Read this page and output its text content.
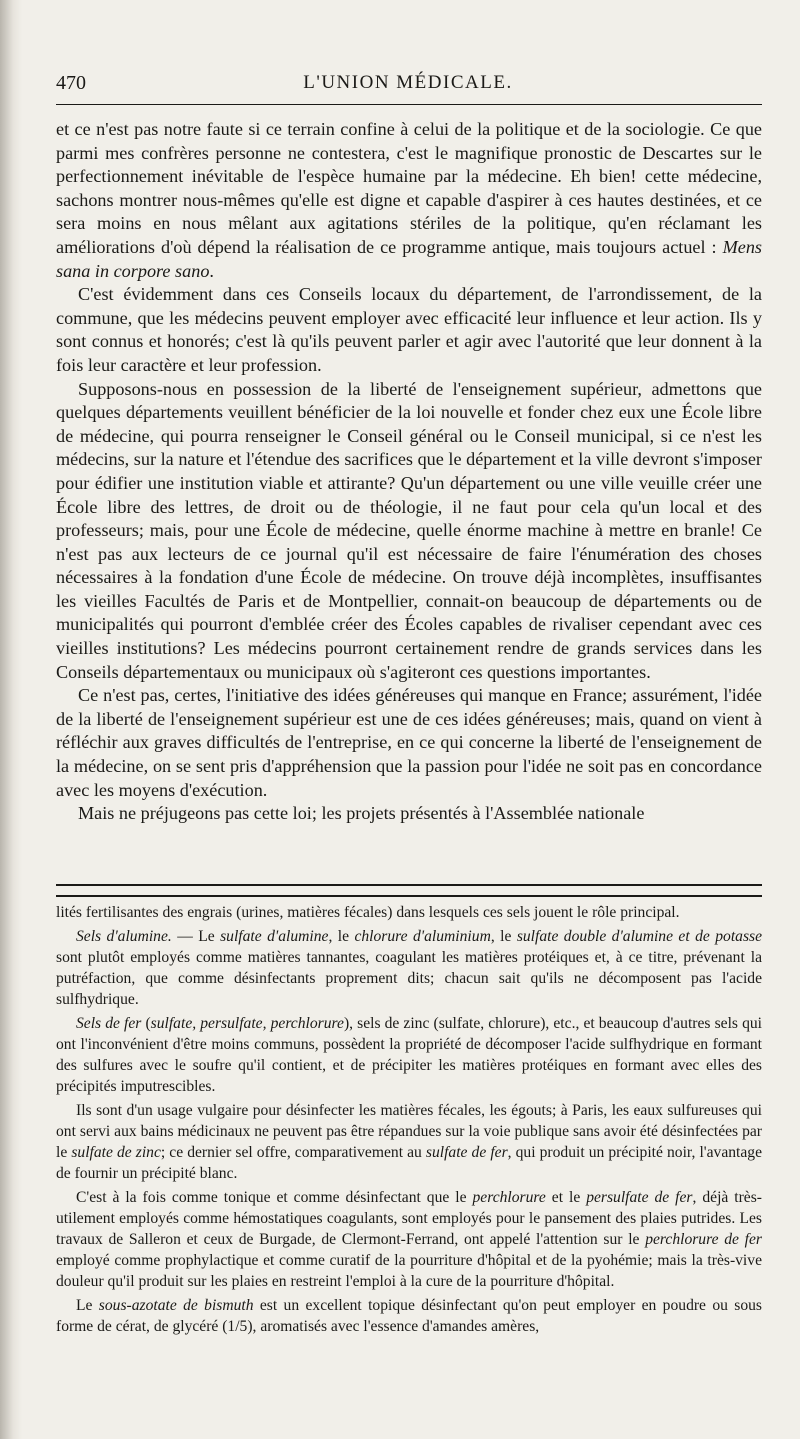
470	L'UNION MÉDICALE.

et ce n'est pas notre faute si ce terrain confine à celui de la politique et de la sociologie. Ce que parmi mes confrères personne ne contestera, c'est le magnifique pronostic de Descartes sur le perfectionnement inévitable de l'espèce humaine par la médecine. Eh bien! cette médecine, sachons montrer nous-mêmes qu'elle est digne et capable d'aspirer à ces hautes destinées, et ce sera moins en nous mêlant aux agitations stériles de la politique, qu'en réclamant les améliorations d'où dépend la réalisation de ce programme antique, mais toujours actuel : Mens sana in corpore sano.

C'est évidemment dans ces Conseils locaux du département, de l'arrondissement, de la commune, que les médecins peuvent employer avec efficacité leur influence et leur action. Ils y sont connus et honorés; c'est là qu'ils peuvent parler et agir avec l'autorité que leur donnent à la fois leur caractère et leur profession.

Supposons-nous en possession de la liberté de l'enseignement supérieur, admettons que quelques départements veuillent bénéficier de la loi nouvelle et fonder chez eux une École libre de médecine, qui pourra renseigner le Conseil général ou le Conseil municipal, si ce n'est les médecins, sur la nature et l'étendue des sacrifices que le département et la ville devront s'imposer pour édifier une institution viable et attirante? Qu'un département ou une ville veuille créer une École libre des lettres, de droit ou de théologie, il ne faut pour cela qu'un local et des professeurs; mais, pour une École de médecine, quelle énorme machine à mettre en branle! Ce n'est pas aux lecteurs de ce journal qu'il est nécessaire de faire l'énumération des choses nécessaires à la fondation d'une École de médecine. On trouve déjà incomplètes, insuffisantes les vieilles Facultés de Paris et de Montpellier, connait-on beaucoup de départements ou de municipalités qui pourront d'emblée créer des Écoles capables de rivaliser cependant avec ces vieilles institutions? Les médecins pourront certainement rendre de grands services dans les Conseils départementaux ou municipaux où s'agiteront ces questions importantes.

Ce n'est pas, certes, l'initiative des idées généreuses qui manque en France; assurément, l'idée de la liberté de l'enseignement supérieur est une de ces idées généreuses; mais, quand on vient à réfléchir aux graves difficultés de l'entreprise, en ce qui concerne la liberté de l'enseignement de la médecine, on se sent pris d'appréhension que la passion pour l'idée ne soit pas en concordance avec les moyens d'exécution.

Mais ne préjugeons pas cette loi; les projets présentés à l'Assemblée nationale

lités fertilisantes des engrais (urines, matières fécales) dans lesquels ces sels jouent le rôle principal.

Sels d'alumine. — Le sulfate d'alumine, le chlorure d'aluminium, le sulfate double d'alumine et de potasse sont plutôt employés comme matières tannantes, coagulant les matières protéiques et, à ce titre, prévenant la putréfaction, que comme désinfectants proprement dits; chacun sait qu'ils ne décomposent pas l'acide sulfhydrique.

Sels de fer (sulfate, persulfate, perchlorure), sels de zinc (sulfate, chlorure), etc., et beaucoup d'autres sels qui ont l'inconvénient d'être moins communs, possèdent la propriété de décomposer l'acide sulfhydrique en formant des sulfures avec le soufre qu'il contient, et de précipiter les matières protéiques en formant avec elles des précipités imputrescibles.

Ils sont d'un usage vulgaire pour désinfecter les matières fécales, les égouts; à Paris, les eaux sulfureuses qui ont servi aux bains médicinaux ne peuvent pas être répandues sur la voie publique sans avoir été désinfectées par le sulfate de zinc; ce dernier sel offre, comparativement au sulfate de fer, qui produit un précipité noir, l'avantage de fournir un précipité blanc.

C'est à la fois comme tonique et comme désinfectant que le perchlorure et le persulfate de fer, déjà très-utilement employés comme hémostatiques coagulants, sont employés pour le pansement des plaies putrides. Les travaux de Salleron et ceux de Burgade, de Clermont-Ferrand, ont appelé l'attention sur le perchlorure de fer employé comme prophylactique et comme curatif de la pourriture d'hôpital et de la pyohémie; mais la très-vive douleur qu'il produit sur les plaies en restreint l'emploi à la cure de la pourriture d'hôpital.

Le sous-azotate de bismuth est un excellent topique désinfectant qu'on peut employer en poudre ou sous forme de cérat, de glycéré (1/5), aromatisés avec l'essence d'amandes amères,
